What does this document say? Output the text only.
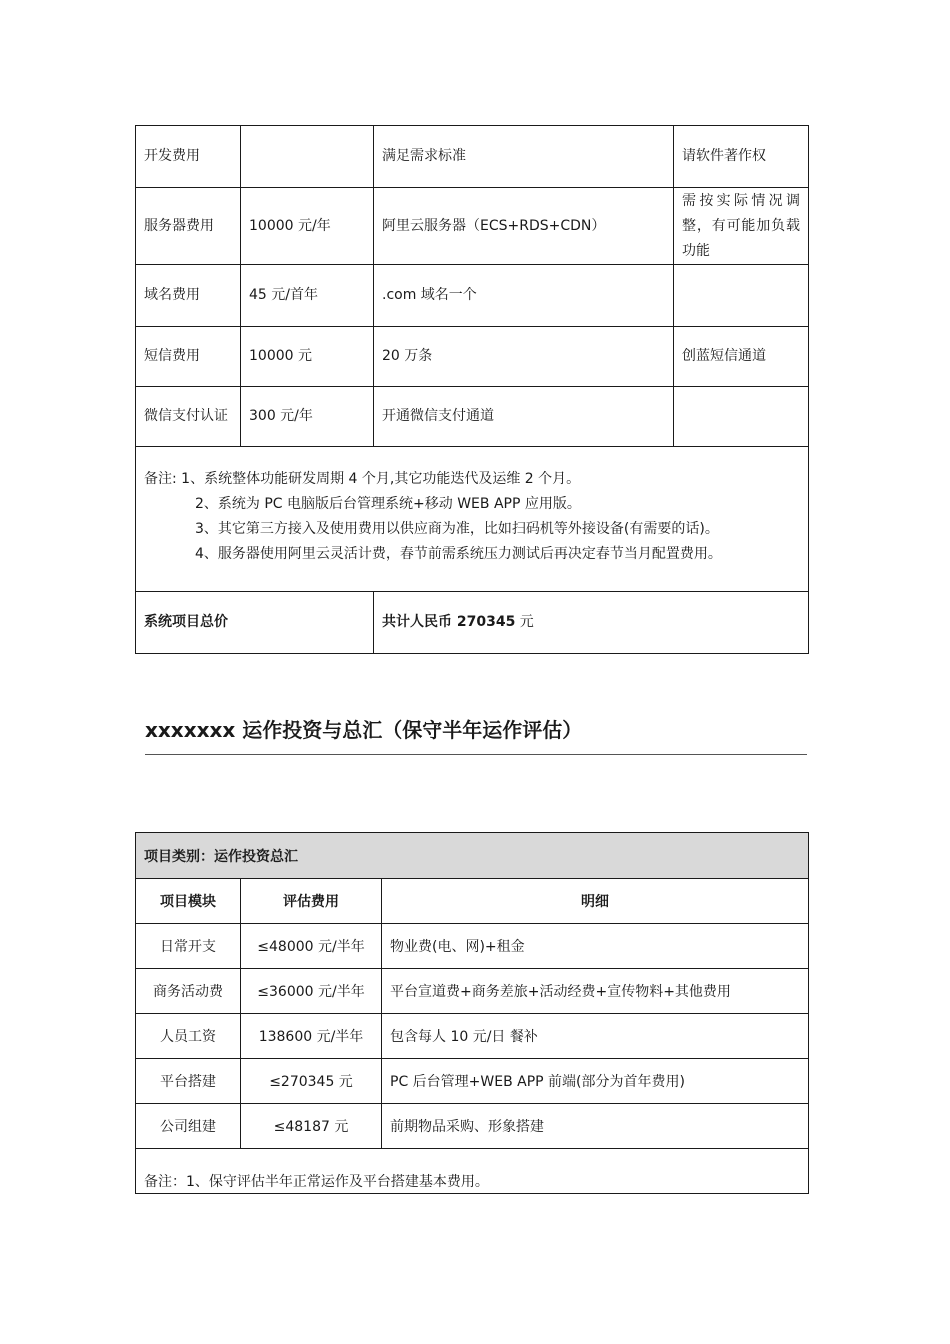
开发费用		满足需求标准	请软件著作权
服务器费用	10000 元/年	阿里云服务器（ECS+RDS+CDN）	需按实际情况调整，有可能加负载功能
域名费用	45 元/首年	.com 域名一个	
短信费用	10000 元	20 万条	创蓝短信通道
微信支付认证	300 元/年	开通微信支付通道	

备注: 1、系统整体功能研发周期 4 个月,其它功能迭代及运维 2 个月。
2、系统为 PC 电脑版后台管理系统+移动 WEB APP 应用版。
3、其它第三方接入及使用费用以供应商为准，比如扫码机等外接设备(有需要的话)。
4、服务器使用阿里云灵活计费，春节前需系统压力测试后再决定春节当月配置费用。			

系统项目总价		共计人民币 270345 元	
xxxxxxx 运作投资与总汇（保守半年运作评估）
项目类别：运作投资总汇		
项目模块	评估费用	明细
日常开支	≤48000 元/半年	物业费(电、网)+租金
商务活动费	≤36000 元/半年	平台宣道费+商务差旅+活动经费+宣传物料+其他费用
人员工资	138600 元/半年	包含每人 10 元/日 餐补
平台搭建	≤270345 元	PC 后台管理+WEB APP 前端(部分为首年费用)
公司组建	≤48187 元	前期物品采购、形象搭建
备注：1、保守评估半年正常运作及平台搭建基本费用。		
